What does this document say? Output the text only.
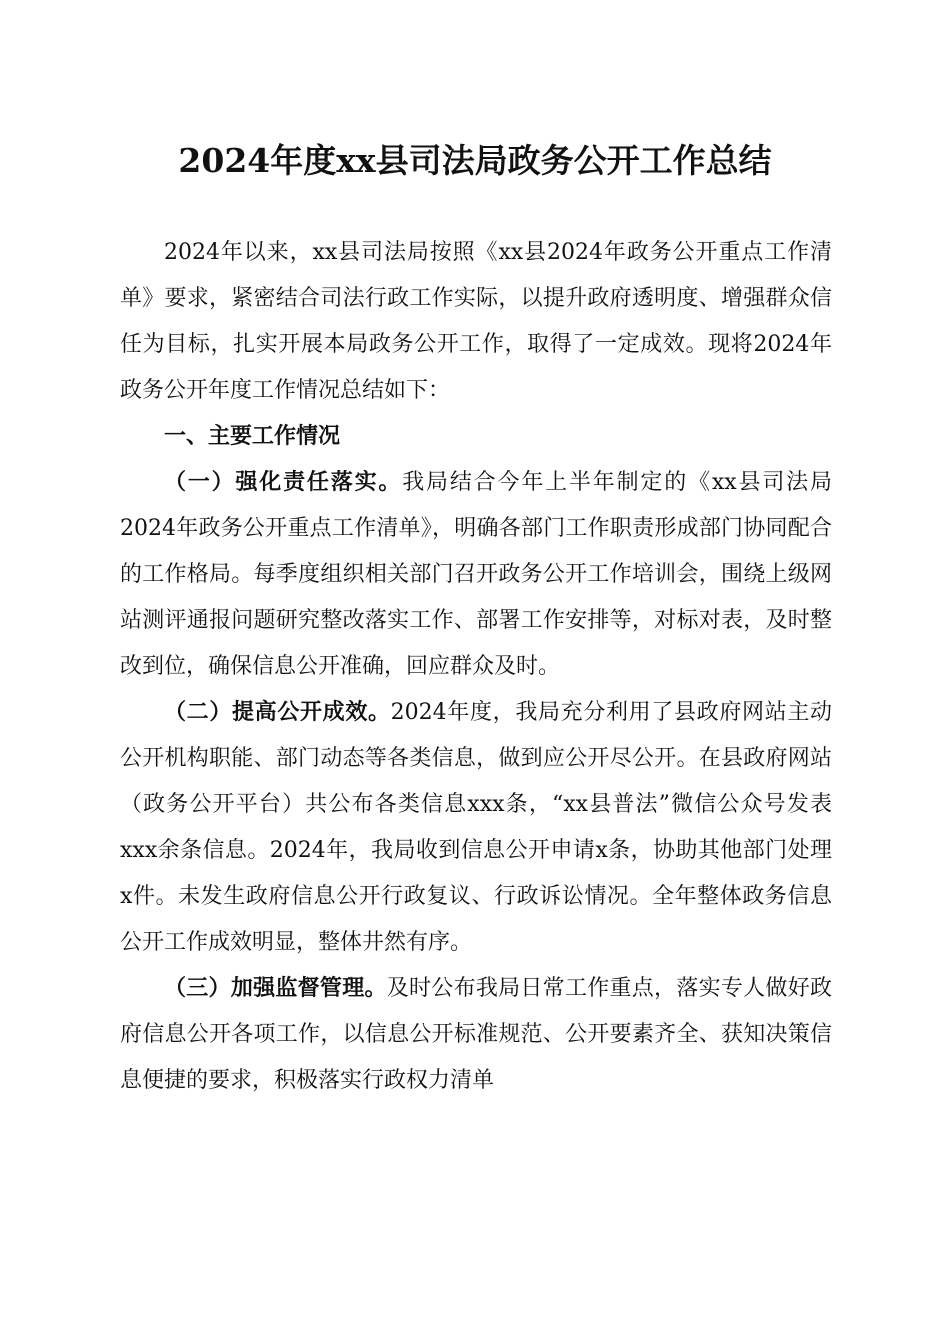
2024年度xx县司法局政务公开工作总结

2024年以来，xx县司法局按照《xx县2024年政务公开重点工作清单》要求，紧密结合司法行政工作实际，以提升政府透明度、增强群众信任为目标，扎实开展本局政务公开工作，取得了一定成效。现将2024年政务公开年度工作情况总结如下：

一、主要工作情况

（一）强化责任落实。我局结合今年上半年制定的《xx县司法局2024年政务公开重点工作清单》，明确各部门工作职责形成部门协同配合的工作格局。每季度组织相关部门召开政务公开工作培训会，围绕上级网站测评通报问题研究整改落实工作、部署工作安排等，对标对表，及时整改到位，确保信息公开准确，回应群众及时。

（二）提高公开成效。2024年度，我局充分利用了县政府网站主动公开机构职能、部门动态等各类信息，做到应公开尽公开。在县政府网站（政务公开平台）共公布各类信息xxx条，“xx县普法”微信公众号发表xxx余条信息。2024年，我局收到信息公开申请x条，协助其他部门处理x件。未发生政府信息公开行政复议、行政诉讼情况。全年整体政务信息公开工作成效明显，整体井然有序。

（三）加强监督管理。及时公布我局日常工作重点，落实专人做好政府信息公开各项工作，以信息公开标准规范、公开要素齐全、获知决策信息便捷的要求，积极落实行政权力清单
